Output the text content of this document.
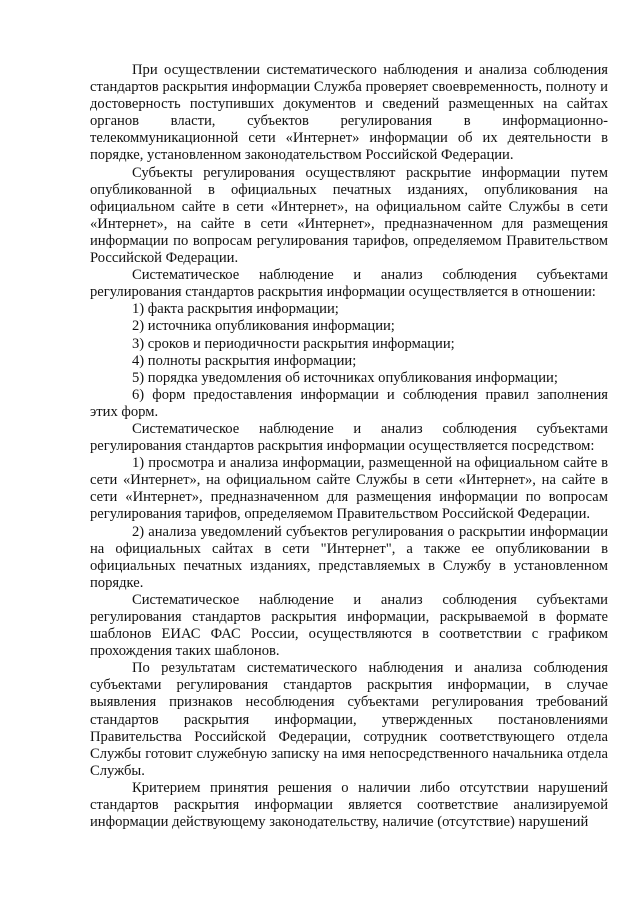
При осуществлении систематического наблюдения и анализа соблюдения стандартов раскрытия информации Служба проверяет своевременность, полноту и достоверность поступивших документов и сведений размещенных на сайтах органов власти, субъектов регулирования в информационно-телекоммуникационной сети «Интернет» информации об их деятельности в порядке, установленном законодательством Российской Федерации.

Субъекты регулирования осуществляют раскрытие информации путем опубликованной в официальных печатных изданиях, опубликования на официальном сайте в сети «Интернет», на официальном сайте Службы в сети «Интернет», на сайте в сети «Интернет», предназначенном для размещения информации по вопросам регулирования тарифов, определяемом Правительством Российской Федерации.

Систематическое наблюдение и анализ соблюдения субъектами регулирования стандартов раскрытия информации осуществляется в отношении:

1) факта раскрытия информации;

2) источника опубликования информации;

3) сроков и периодичности раскрытия информации;

4) полноты раскрытия информации;

5) порядка уведомления об источниках опубликования информации;

6) форм предоставления информации и соблюдения правил заполнения этих форм.

Систематическое наблюдение и анализ соблюдения субъектами регулирования стандартов раскрытия информации осуществляется посредством:

1) просмотра и анализа информации, размещенной на официальном сайте в сети «Интернет», на официальном сайте Службы в сети «Интернет», на сайте в сети «Интернет», предназначенном для размещения информации по вопросам регулирования тарифов, определяемом Правительством Российской Федерации.

2) анализа уведомлений субъектов регулирования о раскрытии информации на официальных сайтах в сети "Интернет", а также ее опубликовании в официальных печатных изданиях, представляемых в Службу в установленном порядке.

Систематическое наблюдение и анализ соблюдения субъектами регулирования стандартов раскрытия информации, раскрываемой в формате шаблонов ЕИАС ФАС России, осуществляются в соответствии с графиком прохождения таких шаблонов.

По результатам систематического наблюдения и анализа соблюдения субъектами регулирования стандартов раскрытия информации, в случае выявления признаков несоблюдения субъектами регулирования требований стандартов раскрытия информации, утвержденных постановлениями Правительства Российской Федерации, сотрудник соответствующего отдела Службы готовит служебную записку на имя непосредственного начальника отдела Службы.

Критерием принятия решения о наличии либо отсутствии нарушений стандартов раскрытия информации является соответствие анализируемой информации действующему законодательству, наличие (отсутствие) нарушений
